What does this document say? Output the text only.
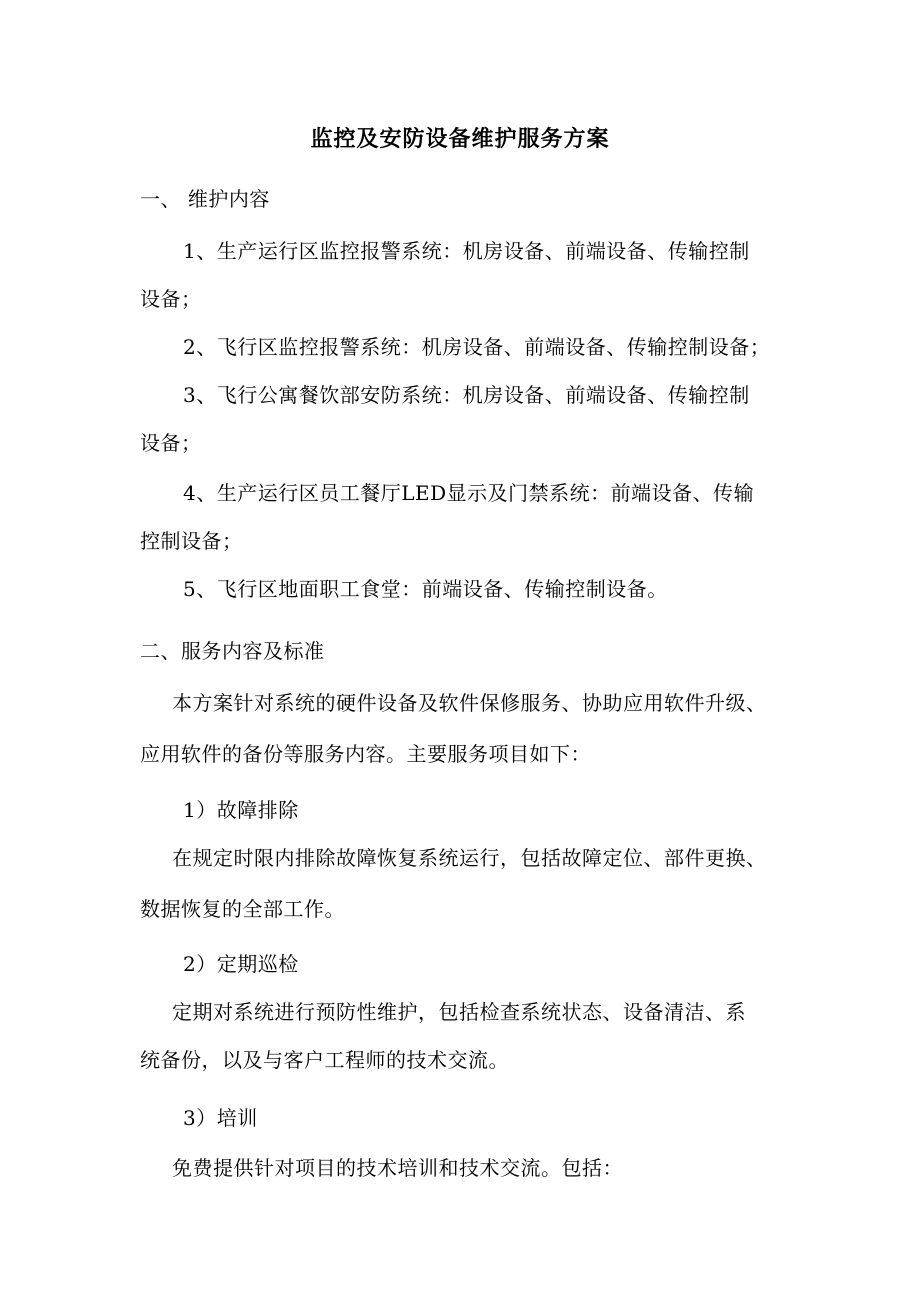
监控及安防设备维护服务方案
一、 维护内容
1、生产运行区监控报警系统：机房设备、前端设备、传输控制
设备；
2、飞行区监控报警系统：机房设备、前端设备、传输控制设备；
3、飞行公寓餐饮部安防系统：机房设备、前端设备、传输控制
设备；
4、生产运行区员工餐厅LED显示及门禁系统：前端设备、传输
控制设备；
5、飞行区地面职工食堂：前端设备、传输控制设备。
二、服务内容及标准
本方案针对系统的硬件设备及软件保修服务、协助应用软件升级、
应用软件的备份等服务内容。主要服务项目如下：
1）故障排除
在规定时限内排除故障恢复系统运行，包括故障定位、部件更换、
数据恢复的全部工作。
2）定期巡检
定期对系统进行预防性维护，包括检查系统状态、设备清洁、系
统备份，以及与客户工程师的技术交流。
3）培训
免费提供针对项目的技术培训和技术交流。包括：
